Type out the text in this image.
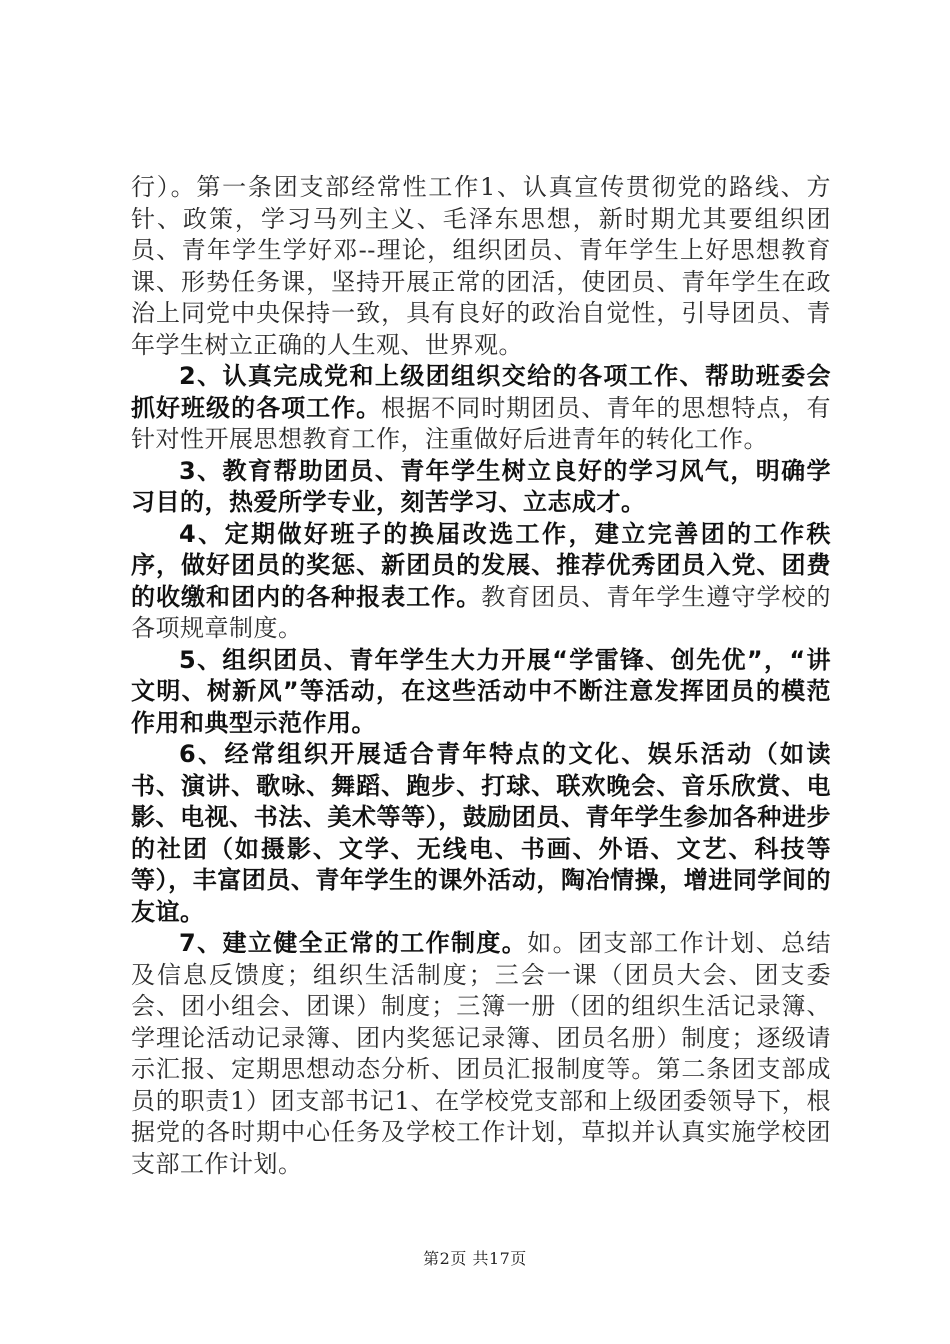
行）。第一条团支部经常性工作1、认真宣传贯彻党的路线、方针、政策，学习马列主义、毛泽东思想，新时期尤其要组织团员、青年学生学好邓--理论，组织团员、青年学生上好思想教育课、形势任务课，坚持开展正常的团活，使团员、青年学生在政治上同党中央保持一致，具有良好的政治自觉性，引导团员、青年学生树立正确的人生观、世界观。

2、认真完成党和上级团组织交给的各项工作、帮助班委会抓好班级的各项工作。根据不同时期团员、青年的思想特点，有针对性开展思想教育工作，注重做好后进青年的转化工作。

3、教育帮助团员、青年学生树立良好的学习风气，明确学习目的，热爱所学专业，刻苦学习、立志成才。

4、定期做好班子的换届改选工作，建立完善团的工作秩序，做好团员的奖惩、新团员的发展、推荐优秀团员入党、团费的收缴和团内的各种报表工作。教育团员、青年学生遵守学校的各项规章制度。

5、组织团员、青年学生大力开展“学雷锋、创先优”，“讲文明、树新风”等活动，在这些活动中不断注意发挥团员的模范作用和典型示范作用。

6、经常组织开展适合青年特点的文化、娱乐活动（如读书、演讲、歌咏、舞蹈、跑步、打球、联欢晚会、音乐欣赏、电影、电视、书法、美术等等），鼓励团员、青年学生参加各种进步的社团（如摄影、文学、无线电、书画、外语、文艺、科技等等），丰富团员、青年学生的课外活动，陶冶情操，增进同学间的友谊。

7、建立健全正常的工作制度。如。团支部工作计划、总结及信息反馈度；组织生活制度；三会一课（团员大会、团支委会、团小组会、团课）制度；三簿一册（团的组织生活记录簿、学理论活动记录簿、团内奖惩记录簿、团员名册）制度；逐级请示汇报、定期思想动态分析、团员汇报制度等。第二条团支部成员的职责1）团支部书记1、在学校党支部和上级团委领导下，根据党的各时期中心任务及学校工作计划，草拟并认真实施学校团支部工作计划。

第2页 共17页
